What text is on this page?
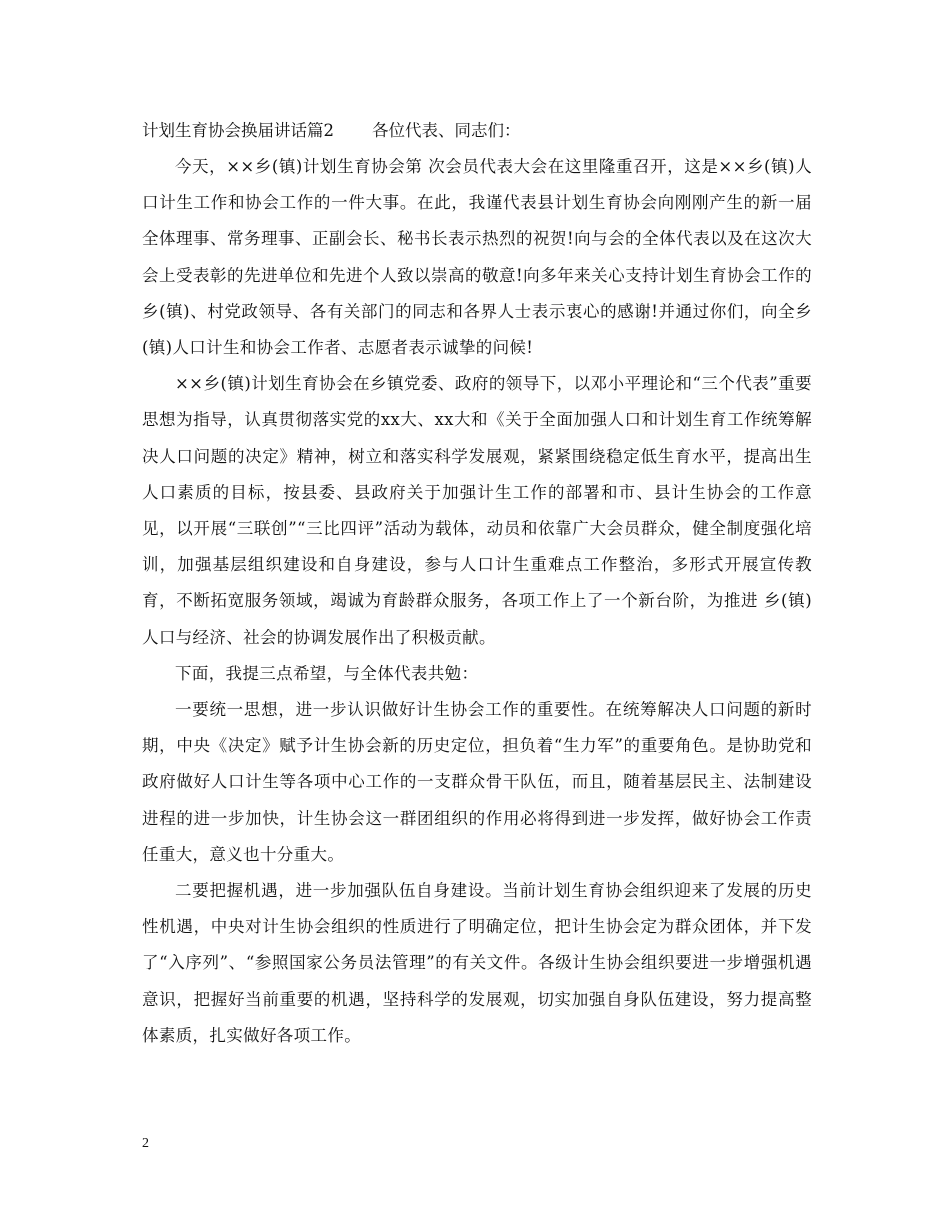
计划生育协会换届讲话篇2 各位代表、同志们：

今天，××乡(镇)计划生育协会第 次会员代表大会在这里隆重召开，这是××乡(镇)人口计生工作和协会工作的一件大事。在此，我谨代表县计划生育协会向刚刚产生的新一届全体理事、常务理事、正副会长、秘书长表示热烈的祝贺!向与会的全体代表以及在这次大会上受表彰的先进单位和先进个人致以崇高的敬意!向多年来关心支持计划生育协会工作的乡(镇)、村党政领导、各有关部门的同志和各界人士表示衷心的感谢!并通过你们，向全乡(镇)人口计生和协会工作者、志愿者表示诚挚的问候!

××乡(镇)计划生育协会在乡镇党委、政府的领导下，以邓小平理论和“三个代表”重要思想为指导，认真贯彻落实党的xx大、xx大和《关于全面加强人口和计划生育工作统筹解决人口问题的决定》精神，树立和落实科学发展观，紧紧围绕稳定低生育水平，提高出生人口素质的目标，按县委、县政府关于加强计生工作的部署和市、县计生协会的工作意见，以开展“三联创”“三比四评”活动为载体，动员和依靠广大会员群众，健全制度强化培训，加强基层组织建设和自身建设，参与人口计生重难点工作整治，多形式开展宣传教育，不断拓宽服务领域，竭诚为育龄群众服务，各项工作上了一个新台阶，为推进 乡(镇)人口与经济、社会的协调发展作出了积极贡献。

下面，我提三点希望，与全体代表共勉：

一要统一思想，进一步认识做好计生协会工作的重要性。在统筹解决人口问题的新时期，中央《决定》赋予计生协会新的历史定位，担负着“生力军”的重要角色。是协助党和政府做好人口计生等各项中心工作的一支群众骨干队伍，而且，随着基层民主、法制建设进程的进一步加快，计生协会这一群团组织的作用必将得到进一步发挥，做好协会工作责任重大，意义也十分重大。

二要把握机遇，进一步加强队伍自身建设。当前计划生育协会组织迎来了发展的历史性机遇，中央对计生协会组织的性质进行了明确定位，把计生协会定为群众团体，并下发了“入序列”、“参照国家公务员法管理”的有关文件。各级计生协会组织要进一步增强机遇意识，把握好当前重要的机遇，坚持科学的发展观，切实加强自身队伍建设，努力提高整体素质，扎实做好各项工作。

2
